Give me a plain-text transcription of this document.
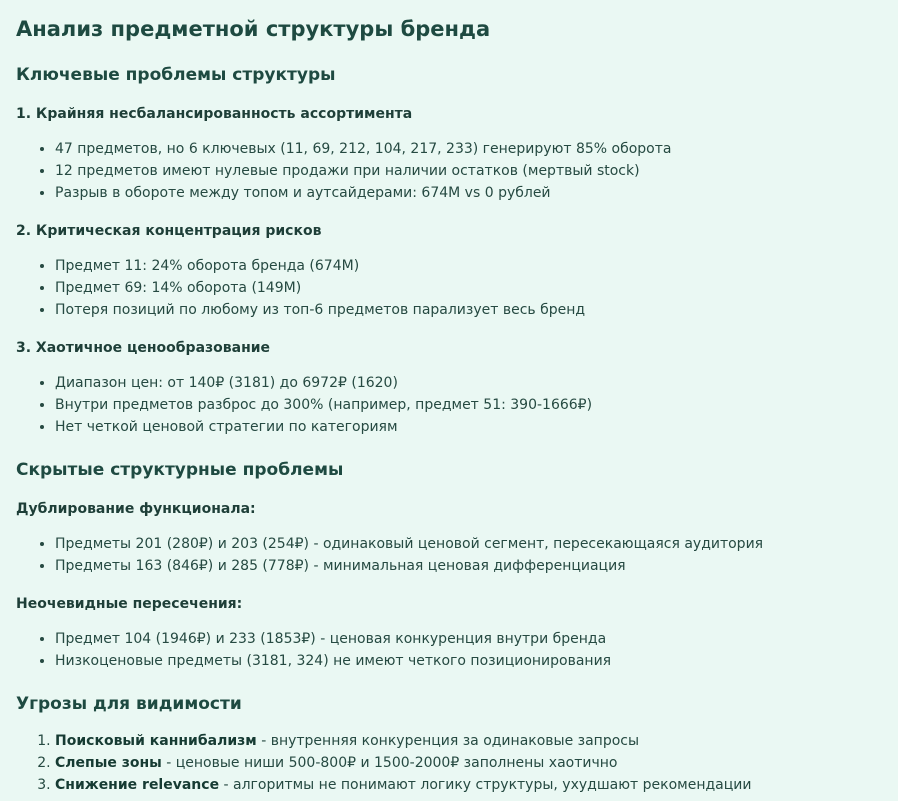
Анализ предметной структуры бренда
Ключевые проблемы структуры
1. Крайняя несбалансированность ассортимента
• 47 предметов, но 6 ключевых (11, 69, 212, 104, 217, 233) генерируют 85% оборота
• 12 предметов имеют нулевые продажи при наличии остатков (мертвый stock)
• Разрыв в обороте между топом и аутсайдерами: 674M vs 0 рублей
2. Критическая концентрация рисков
• Предмет 11: 24% оборота бренда (674M)
• Предмет 69: 14% оборота (149M)
• Потеря позиций по любому из топ-6 предметов парализует весь бренд
3. Хаотичное ценообразование
• Диапазон цен: от 140₽ (3181) до 6972₽ (1620)
• Внутри предметов разброс до 300% (например, предмет 51: 390-1666₽)
• Нет четкой ценовой стратегии по категориям
Скрытые структурные проблемы
Дублирование функционала:
• Предметы 201 (280₽) и 203 (254₽) - одинаковый ценовой сегмент, пересекающаяся аудитория
• Предметы 163 (846₽) и 285 (778₽) - минимальная ценовая дифференциация
Неочевидные пересечения:
• Предмет 104 (1946₽) и 233 (1853₽) - ценовая конкуренция внутри бренда
• Низкоценовые предметы (3181, 324) не имеют четкого позиционирования
Угрозы для видимости
1. Поисковый каннибализм - внутренняя конкуренция за одинаковые запросы
2. Слепые зоны - ценовые ниши 500-800₽ и 1500-2000₽ заполнены хаотично
3. Снижение relevance - алгоритмы не понимают логику структуры, ухудшают рекомендации
